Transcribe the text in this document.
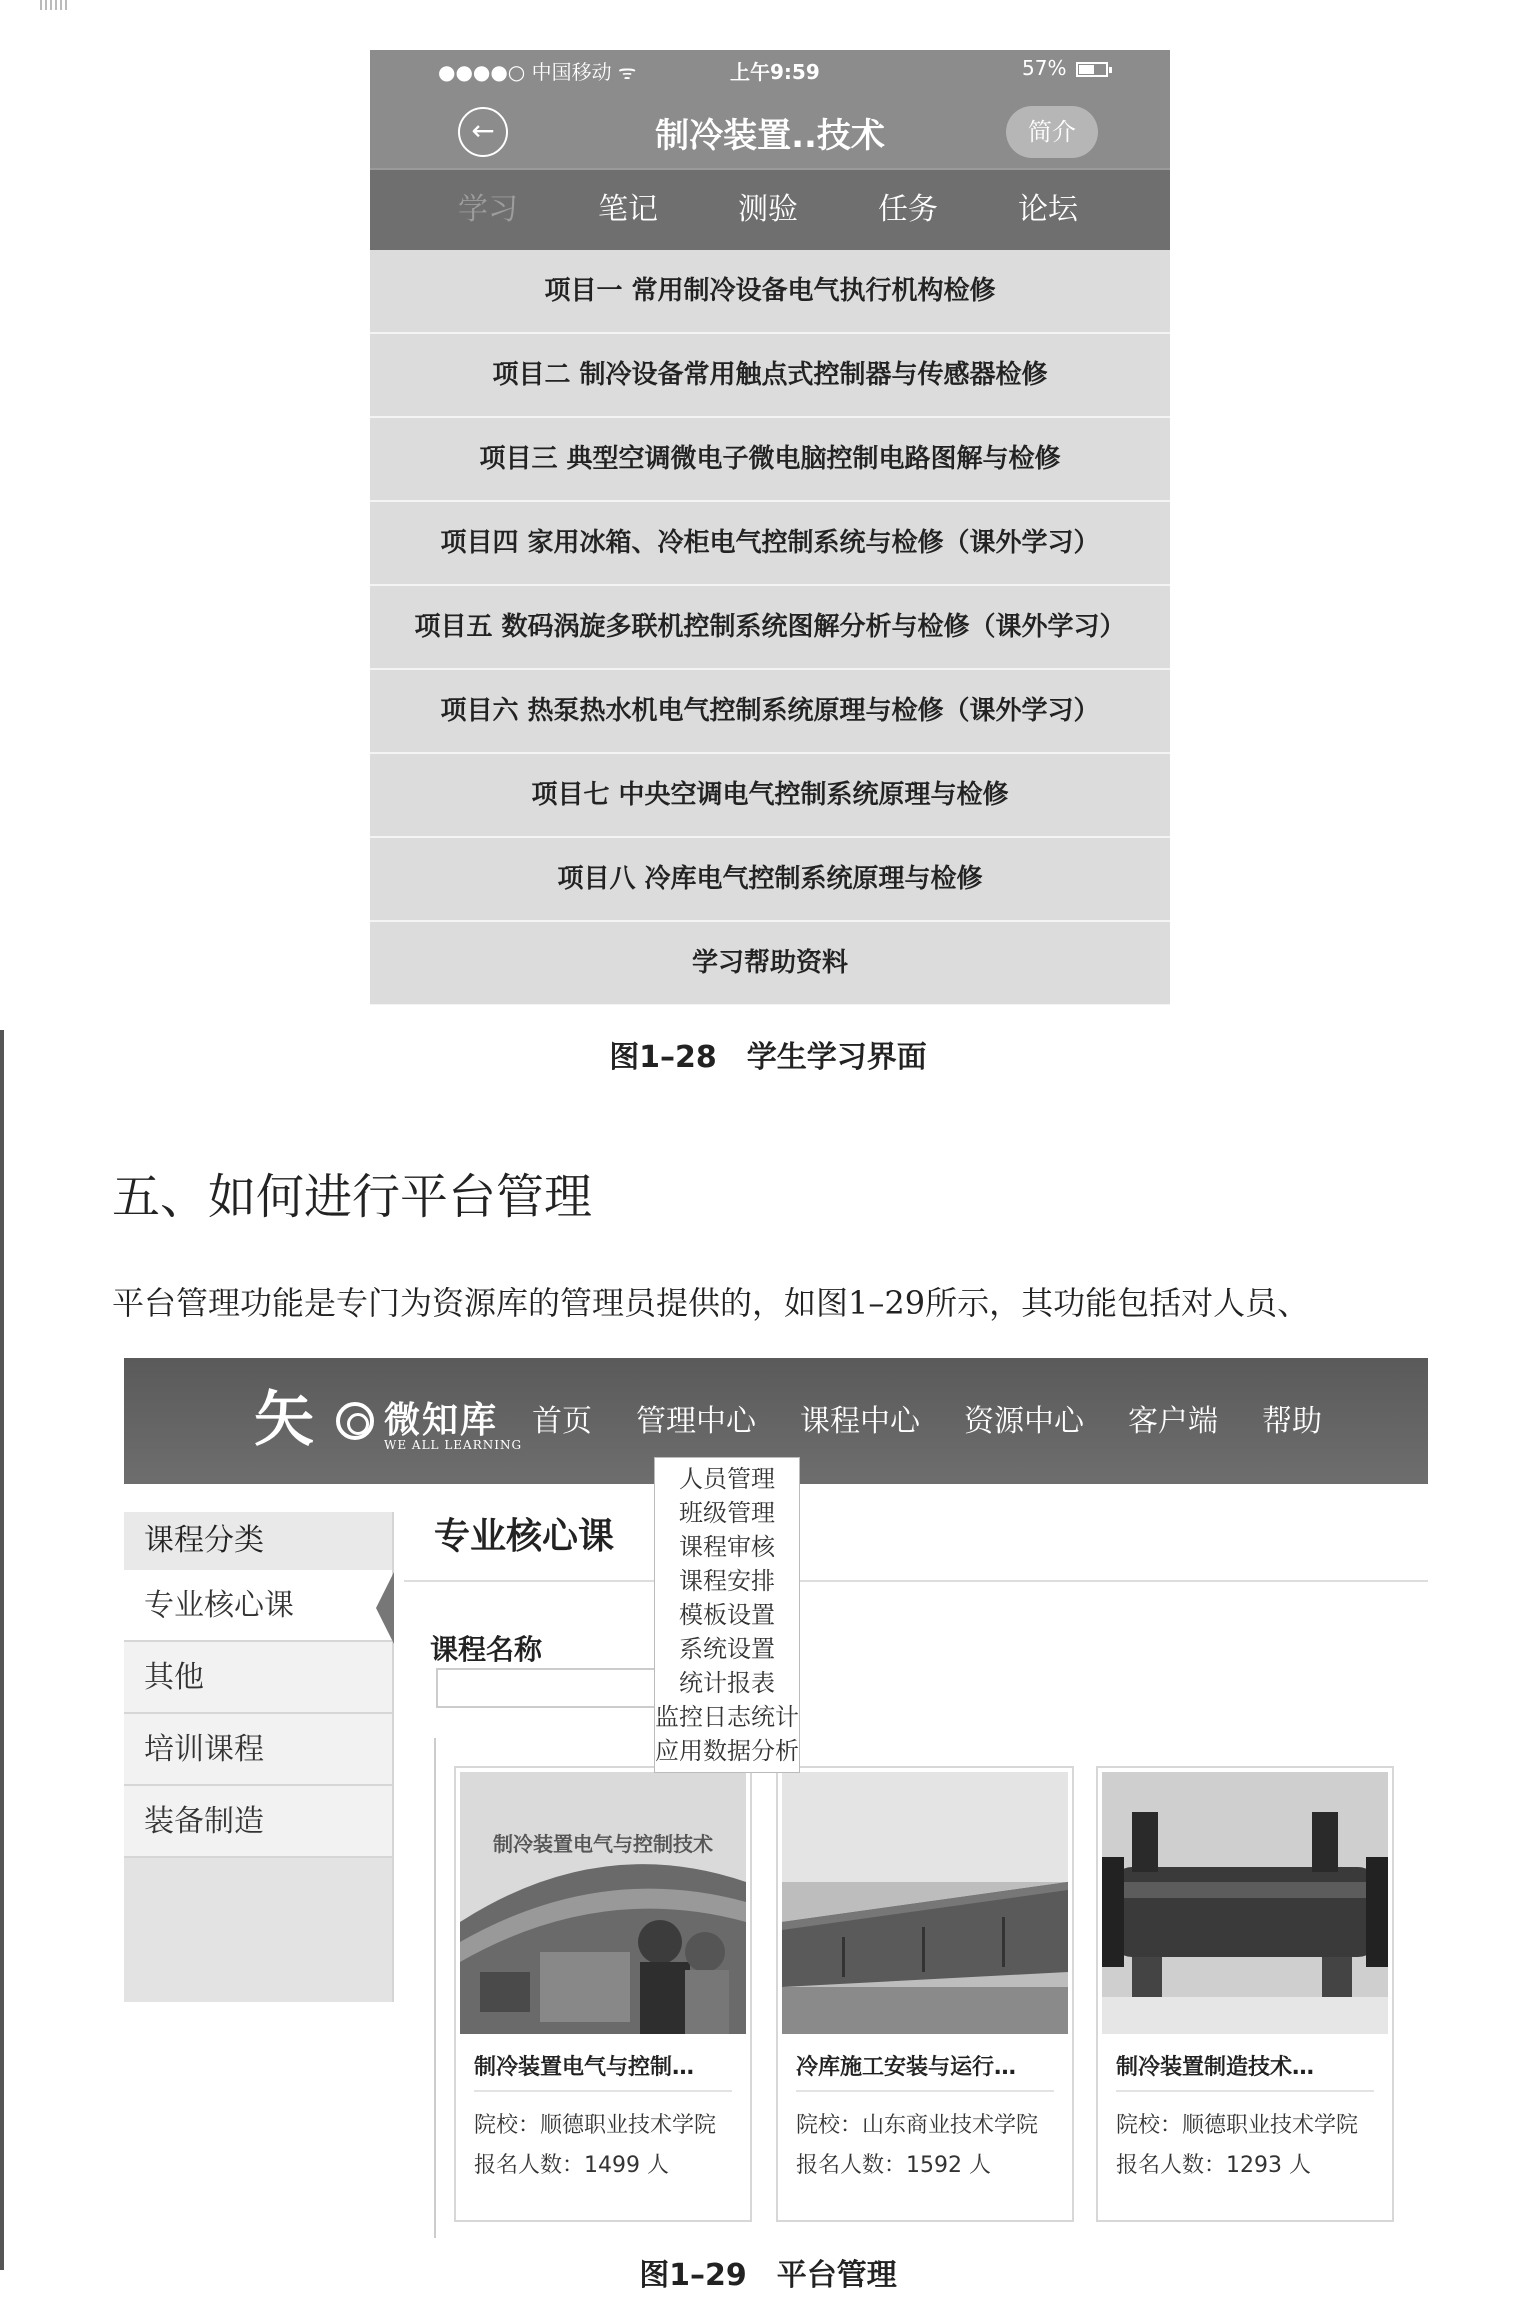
●●●●○ 中国移动 ᯤ	上午9:59	57%
←	制冷装置..技术	简介
学习	笔记	测验	任务	论坛
项目一 常用制冷设备电气执行机构检修
项目二 制冷设备常用触点式控制器与传感器检修
项目三 典型空调微电子微电脑控制电路图解与检修
项目四 家用冰箱、冷柜电气控制系统与检修（课外学习）
项目五 数码涡旋多联机控制系统图解分析与检修（课外学习）
项目六 热泵热水机电气控制系统原理与检修（课外学习）
项目七 中央空调电气控制系统原理与检修
项目八 冷库电气控制系统原理与检修
学习帮助资料
图1–28　学生学习界面
五、如何进行平台管理
平台管理功能是专门为资源库的管理员提供的，如图1–29所示，其功能包括对人员、
矢 微知库
WE ALL LEARNING
首页 管理中心 课程中心 资源中心 客户端 帮助
人员管理
班级管理
课程审核
课程安排
模板设置
系统设置
统计报表
监控日志统计
应用数据分析
课程分类
专业核心课
其他
培训课程
装备制造
专业核心课
课程名称
制冷装置电气与控制技术
制冷装置电气与控制…
院校：顺德职业技术学院
报名人数：1499 人
冷库施工安装与运行…
院校：山东商业技术学院
报名人数：1592 人
制冷装置制造技术…
院校：顺德职业技术学院
报名人数：1293 人
图1–29　平台管理
